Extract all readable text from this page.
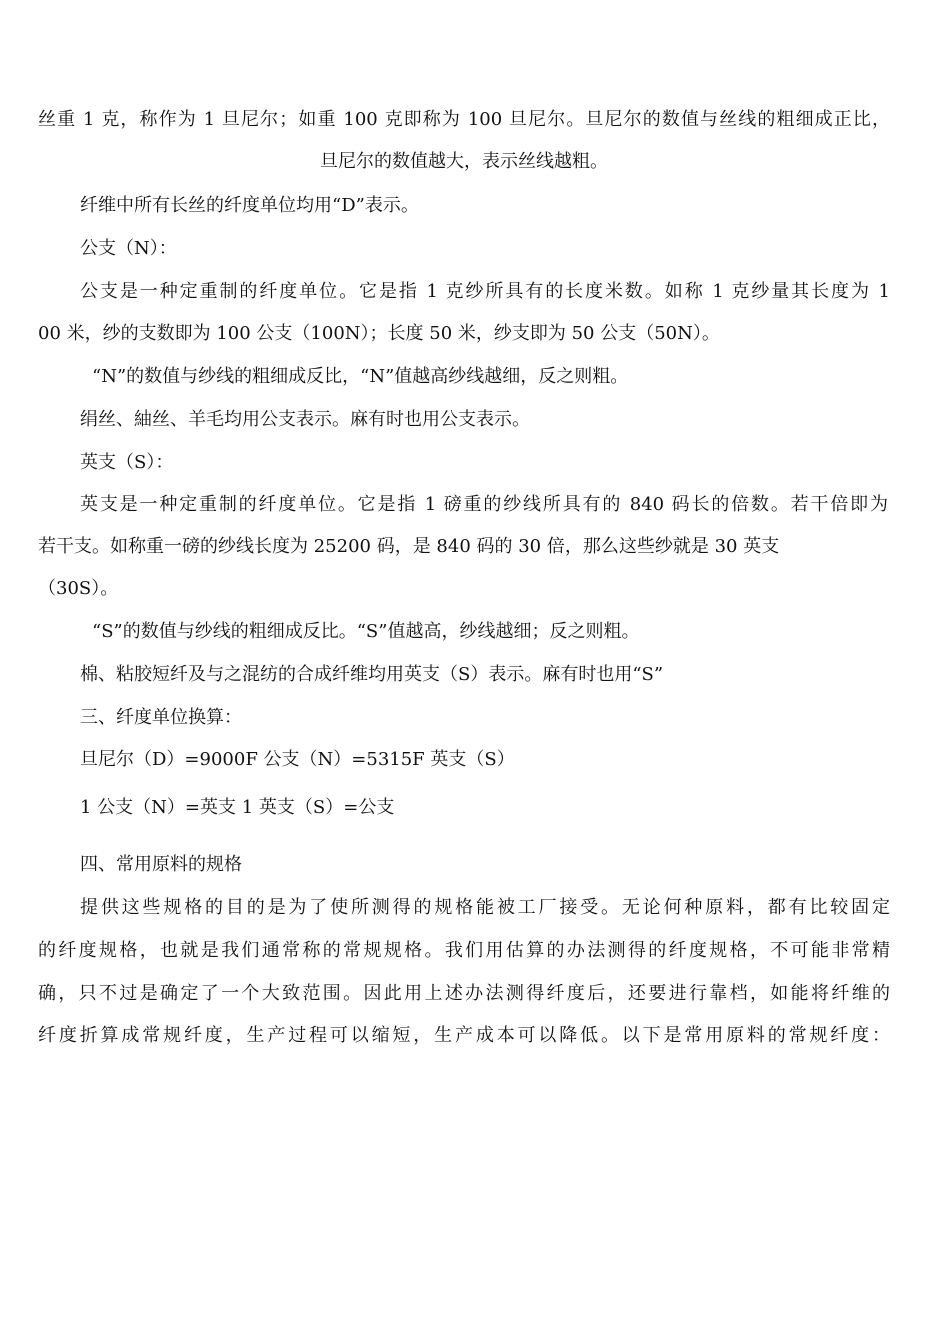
丝重 1 克，称作为 1 旦尼尔；如重 100 克即称为 100 旦尼尔。旦尼尔的数值与丝线的粗细成正比，

旦尼尔的数值越大，表示丝线越粗。

纤维中所有长丝的纤度单位均用“D”表示。

公支（N）：

公支是一种定重制的纤度单位。它是指 1 克纱所具有的长度米数。如称 1 克纱量其长度为 1

00 米，纱的支数即为 100 公支（100N）；长度 50 米，纱支即为 50 公支（50N）。

“N”的数值与纱线的粗细成反比，“N”值越高纱线越细，反之则粗。

绢丝、紬丝、羊毛均用公支表示。麻有时也用公支表示。

英支（S）：

英支是一种定重制的纤度单位。它是指 1 磅重的纱线所具有的 840 码长的倍数。若干倍即为

若干支。如称重一磅的纱线长度为 25200 码，是 840 码的 30 倍，那么这些纱就是 30 英支

（30S）。

“S”的数值与纱线的粗细成反比。“S”值越高，纱线越细；反之则粗。

棉、粘胶短纤及与之混纺的合成纤维均用英支（S）表示。麻有时也用“S”

三、纤度单位换算：

旦尼尔（D）=9000F 公支（N）=5315F 英支（S）

1 公支（N）=英支 1 英支（S）=公支

四、常用原料的规格

提供这些规格的目的是为了使所测得的规格能被工厂接受。无论何种原料，都有比较固定

的纤度规格，也就是我们通常称的常规规格。我们用估算的办法测得的纤度规格，不可能非常精

确，只不过是确定了一个大致范围。因此用上述办法测得纤度后，还要进行靠档，如能将纤维的

纤度折算成常规纤度，生产过程可以缩短，生产成本可以降低。以下是常用原料的常规纤度：
